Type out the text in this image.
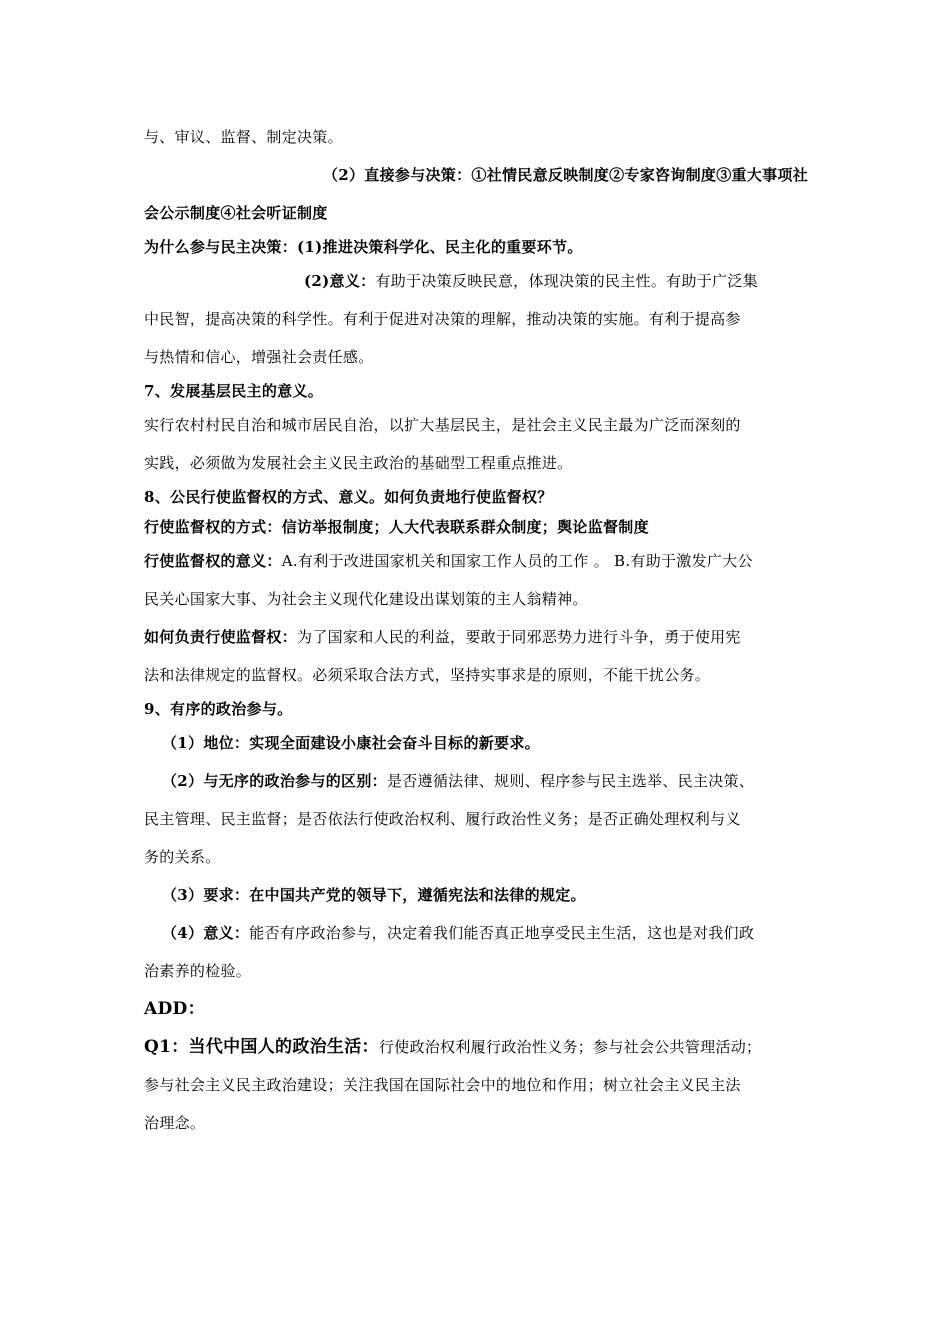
与、审议、监督、制定决策。

（2）直接参与决策：①社情民意反映制度②专家咨询制度③重大事项社

会公示制度④社会听证制度

为什么参与民主决策：(1)推进决策科学化、民主化的重要环节。

(2)意义：有助于决策反映民意，体现决策的民主性。有助于广泛集

中民智，提高决策的科学性。有利于促进对决策的理解，推动决策的实施。有利于提高参

与热情和信心，增强社会责任感。

7、发展基层民主的意义。

实行农村村民自治和城市居民自治，以扩大基层民主，是社会主义民主最为广泛而深刻的

实践，必须做为发展社会主义民主政治的基础型工程重点推进。

8、公民行使监督权的方式、意义。如何负责地行使监督权？

行使监督权的方式：信访举报制度；人大代表联系群众制度；舆论监督制度

行使监督权的意义：A.有利于改进国家机关和国家工作人员的工作 。 B.有助于激发广大公

民关心国家大事、为社会主义现代化建设出谋划策的主人翁精神。

如何负责行使监督权：为了国家和人民的利益，要敢于同邪恶势力进行斗争，勇于使用宪

法和法律规定的监督权。必须采取合法方式，坚持实事求是的原则，不能干扰公务。

9、有序的政治参与。

（1）地位：实现全面建设小康社会奋斗目标的新要求。

（2）与无序的政治参与的区别：是否遵循法律、规则、程序参与民主选举、民主决策、

民主管理、民主监督；是否依法行使政治权利、履行政治性义务；是否正确处理权利与义

务的关系。

（3）要求：在中国共产党的领导下，遵循宪法和法律的规定。

（4）意义：能否有序政治参与，决定着我们能否真正地享受民主生活，这也是对我们政

治素养的检验。

ADD：

Q1：当代中国人的政治生活：行使政治权利履行政治性义务；参与社会公共管理活动；

参与社会主义民主政治建设；关注我国在国际社会中的地位和作用；树立社会主义民主法

治理念。
